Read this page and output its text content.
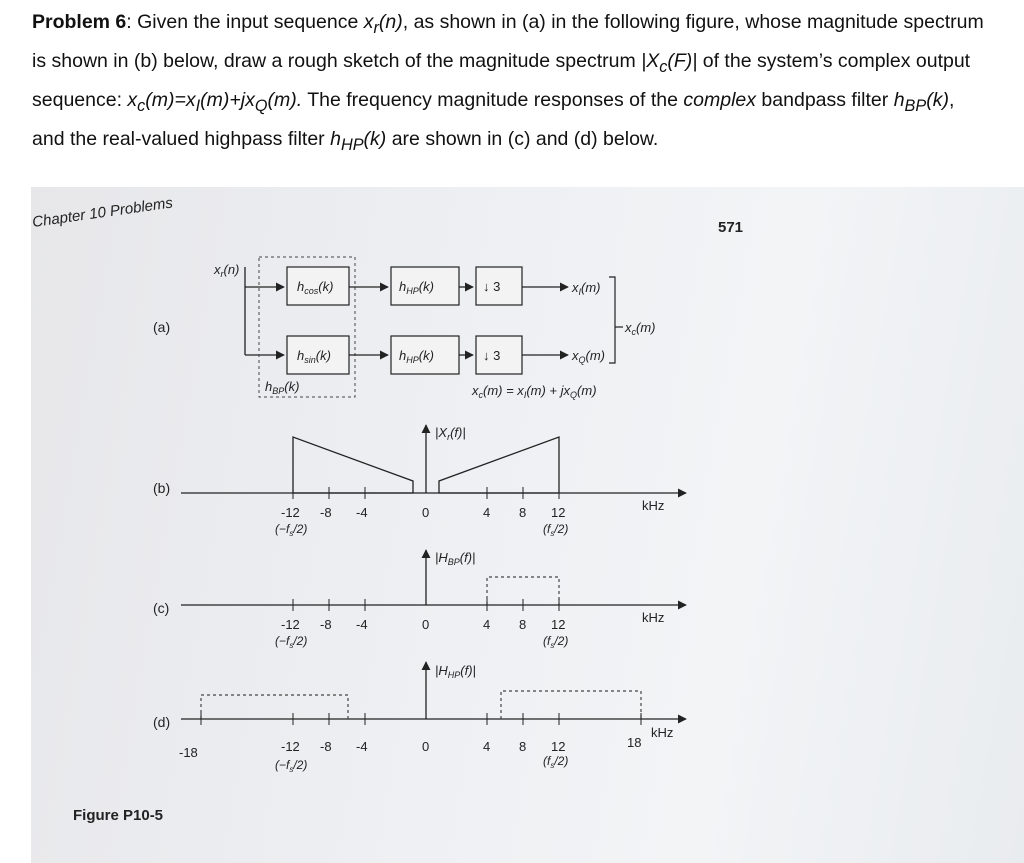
Problem 6: Given the input sequence $x_r(n)$, as shown in (a) in the following figure, whose magnitude spectrum is shown in (b) below, draw a rough sketch of the magnitude spectrum $|X_c(F)|$ of the system’s complex output sequence: $x_c(m)=x_I(m)+jx_Q(m)$. The frequency magnitude responses of the complex bandpass filter $h_{BP}(k)$, and the real-valued highpass filter $h_{HP}(k)$ are shown in (c) and (d) below.
Chapter 10 Problems	571
(a)
$x_r(n)$
$h_{BP}(k)$
$h_{cos}(k)$
$h_{sin}(k)$
$h_{HP}(k)$
$h_{HP}(k)$
↓ 3
↓ 3
$x_I(m)$
$x_Q(m)$
$x_c(m)$
$x_c(m) = x_I(m) + jx_Q(m)$
(b)
$|X_r(f)|$
-12 -8 -4	0	4 8 12
$(-f_s/2)$	$(f_s/2)$
kHz
(c)
$|H_{BP}(f)|$
-12 -8 -4	0	4 8 12
$(-f_s/2)$	$(f_s/2)$
kHz
(d)
$|H_{HP}(f)|$
-18	-12 -8 -4	0	4 8 12	18
$(-f_s/2)$	$(f_s/2)$
kHz
Figure P10-5
